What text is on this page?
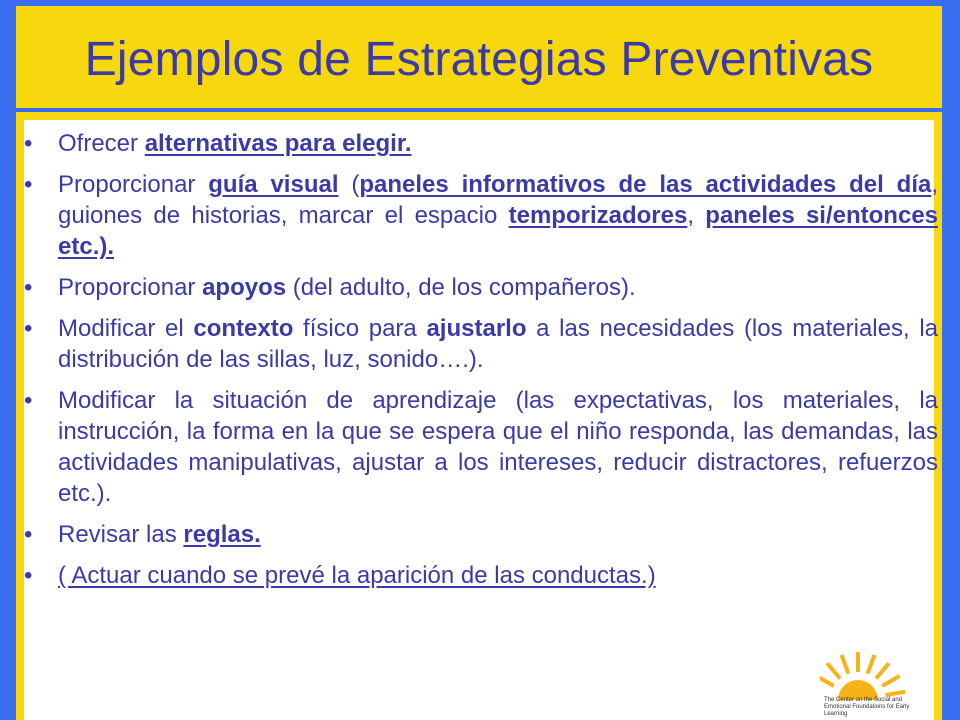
Ejemplos de Estrategias Preventivas
• Ofrecer alternativas para elegir.
• Proporcionar guía visual (paneles informativos de las actividades del día, guiones de historias, marcar el espacio temporizadores, paneles si/entonces etc.).
• Proporcionar apoyos (del adulto, de los compañeros).
• Modificar el contexto físico para ajustarlo a las necesidades (los materiales, la distribución de las sillas, luz, sonido….).
• Modificar la situación de aprendizaje (las expectativas, los materiales, la instrucción, la forma en la que se espera que el niño responda, las demandas, las actividades manipulativas, ajustar a los intereses, reducir distractores, refuerzos etc.).
• Revisar las reglas.
• ( Actuar cuando se prevé la aparición de las conductas.)
The Center on the Social and Emotional Foundations for Early Learning
